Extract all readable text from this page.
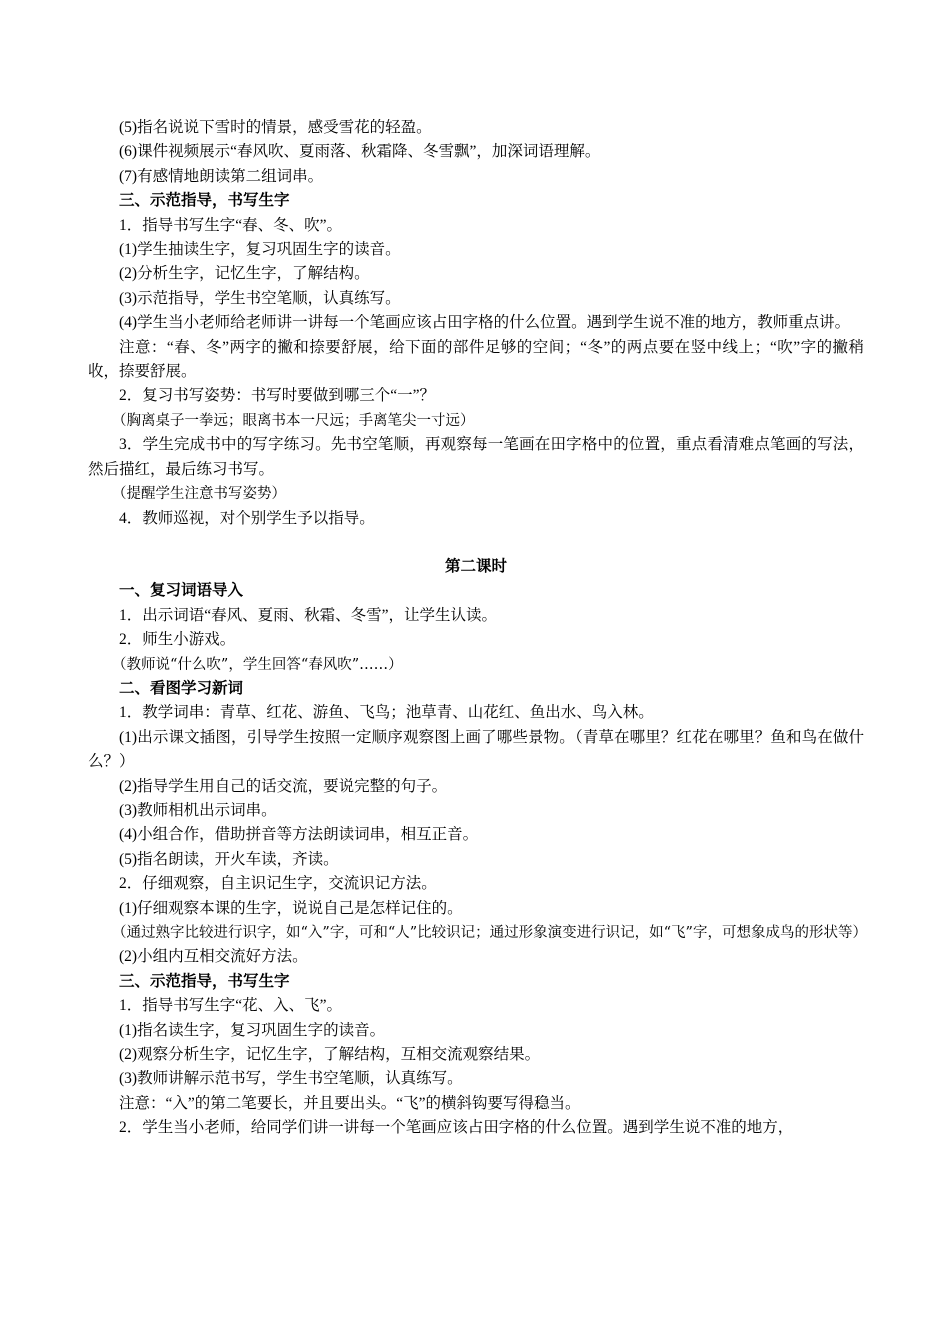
(5)指名说说下雪时的情景，感受雪花的轻盈。

(6)课件视频展示“春风吹、夏雨落、秋霜降、冬雪飘”，加深词语理解。

(7)有感情地朗读第二组词串。

三、示范指导，书写生字

1．指导书写生字“春、冬、吹”。

(1)学生抽读生字，复习巩固生字的读音。

(2)分析生字，记忆生字，了解结构。

(3)示范指导，学生书空笔顺，认真练写。

(4)学生当小老师给老师讲一讲每一个笔画应该占田字格的什么位置。遇到学生说不准的地方，教师重点讲。

注意：“春、冬”两字的撇和捺要舒展，给下面的部件足够的空间；“冬”的两点要在竖中线上；“吹”字的撇稍收，捺要舒展。

2．复习书写姿势：书写时要做到哪三个“一”？

（胸离桌子一拳远；眼离书本一尺远；手离笔尖一寸远）

3．学生完成书中的写字练习。先书空笔顺，再观察每一笔画在田字格中的位置，重点看清难点笔画的写法，然后描红，最后练习书写。

（提醒学生注意书写姿势）

4．教师巡视，对个别学生予以指导。

第二课时

一、复习词语导入

1．出示词语“春风、夏雨、秋霜、冬雪”，让学生认读。

2．师生小游戏。

（教师说“什么吹”，学生回答“春风吹”……）

二、看图学习新词

1．教学词串：青草、红花、游鱼、飞鸟；池草青、山花红、鱼出水、鸟入林。

(1)出示课文插图，引导学生按照一定顺序观察图上画了哪些景物。（青草在哪里？红花在哪里？鱼和鸟在做什么？）

(2)指导学生用自己的话交流，要说完整的句子。

(3)教师相机出示词串。

(4)小组合作，借助拼音等方法朗读词串，相互正音。

(5)指名朗读，开火车读，齐读。

2．仔细观察，自主识记生字，交流识记方法。

(1)仔细观察本课的生字，说说自己是怎样记住的。

（通过熟字比较进行识字，如“入”字，可和“人”比较识记；通过形象演变进行识记，如“飞”字，可想象成鸟的形状等）

(2)小组内互相交流好方法。

三、示范指导，书写生字

1．指导书写生字“花、入、飞”。

(1)指名读生字，复习巩固生字的读音。

(2)观察分析生字，记忆生字，了解结构，互相交流观察结果。

(3)教师讲解示范书写，学生书空笔顺，认真练写。

注意：“入”的第二笔要长，并且要出头。“飞”的横斜钩要写得稳当。

2．学生当小老师，给同学们讲一讲每一个笔画应该占田字格的什么位置。遇到学生说不准的地方，
